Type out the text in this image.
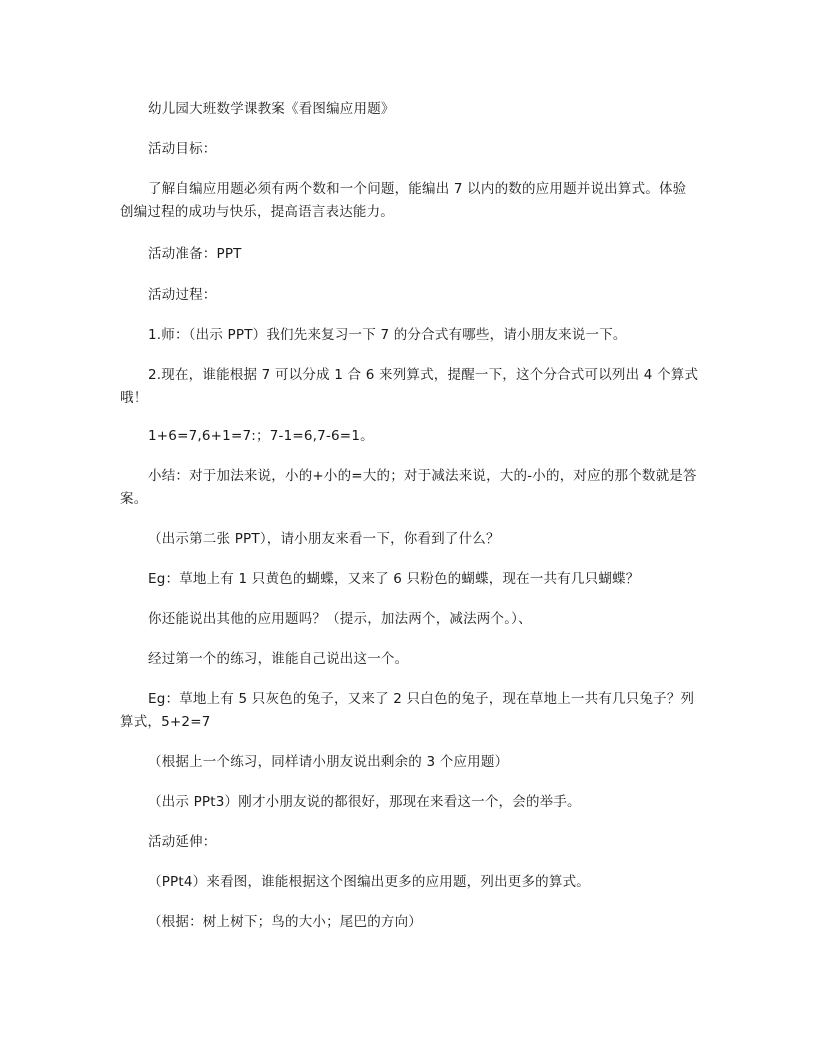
幼儿园大班数学课教案《看图编应用题》
活动目标：
了解自编应用题必须有两个数和一个问题，能编出 7 以内的数的应用题并说出算式。体验创编过程的成功与快乐，提高语言表达能力。
活动准备：PPT
活动过程：
1.师：（出示 PPT）我们先来复习一下 7 的分合式有哪些，请小朋友来说一下。
2.现在，谁能根据 7 可以分成 1 合 6 来列算式，提醒一下，这个分合式可以列出 4 个算式哦！
1+6=7,6+1=7:；7-1=6,7-6=1。
小结：对于加法来说，小的+小的=大的；对于减法来说，大的-小的，对应的那个数就是答案。
（出示第二张 PPT），请小朋友来看一下，你看到了什么？
Eg：草地上有 1 只黄色的蝴蝶，又来了 6 只粉色的蝴蝶，现在一共有几只蝴蝶？
你还能说出其他的应用题吗？（提示，加法两个，减法两个。）、
经过第一个的练习，谁能自己说出这一个。
Eg：草地上有 5 只灰色的兔子，又来了 2 只白色的兔子，现在草地上一共有几只兔子？列算式，5+2=7
（根据上一个练习，同样请小朋友说出剩余的 3 个应用题）
（出示 PPt3）刚才小朋友说的都很好，那现在来看这一个，会的举手。
活动延伸：
（PPt4）来看图，谁能根据这个图编出更多的应用题，列出更多的算式。
（根据：树上树下；鸟的大小；尾巴的方向）
